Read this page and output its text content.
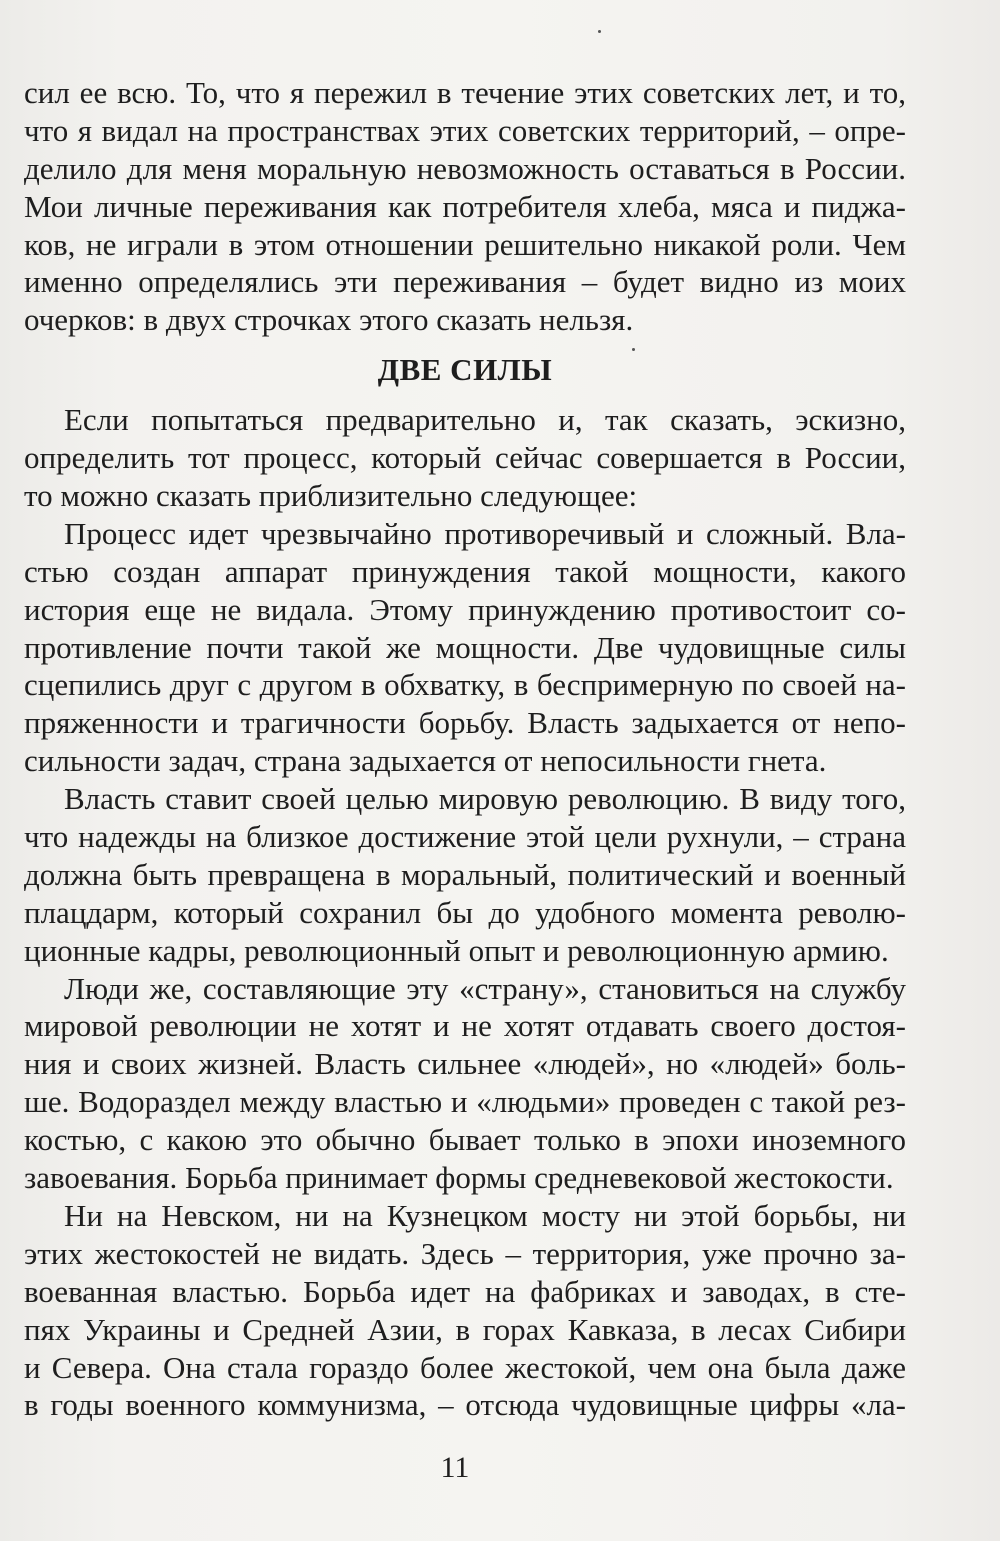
сил ее всю. То, что я пережил в течение этих советских лет, и то,
что я видал на пространствах этих советских территорий, – опре-
делило для меня моральную невозможность оставаться в России.
Мои личные переживания как потребителя хлеба, мяса и пиджа-
ков, не играли в этом отношении решительно никакой роли. Чем
именно определялись эти переживания – будет видно из моих
очерков: в двух строчках этого сказать нельзя.
ДВЕ СИЛЫ
Если попытаться предварительно и, так сказать, эскизно,
определить тот процесс, который сейчас совершается в России,
то можно сказать приблизительно следующее:
Процесс идет чрезвычайно противоречивый и сложный. Вла-
стью создан аппарат принуждения такой мощности, какого
история еще не видала. Этому принуждению противостоит со-
противление почти такой же мощности. Две чудовищные силы
сцепились друг с другом в обхватку, в беспримерную по своей на-
пряженности и трагичности борьбу. Власть задыхается от непо-
сильности задач, страна задыхается от непосильности гнета.
Власть ставит своей целью мировую революцию. В виду того,
что надежды на близкое достижение этой цели рухнули, – страна
должна быть превращена в моральный, политический и военный
плацдарм, который сохранил бы до удобного момента револю-
ционные кадры, революционный опыт и революционную армию.
Люди же, составляющие эту «страну», становиться на службу
мировой революции не хотят и не хотят отдавать своего достоя-
ния и своих жизней. Власть сильнее «людей», но «людей» боль-
ше. Водораздел между властью и «людьми» проведен с такой рез-
костью, с какою это обычно бывает только в эпохи иноземного
завоевания. Борьба принимает формы средневековой жестокости.
Ни на Невском, ни на Кузнецком мосту ни этой борьбы, ни
этих жестокостей не видать. Здесь – территория, уже прочно за-
воеванная властью. Борьба идет на фабриках и заводах, в сте-
пях Украины и Средней Азии, в горах Кавказа, в лесах Сибири
и Севера. Она стала гораздо более жестокой, чем она была даже
в годы военного коммунизма, – отсюда чудовищные цифры «ла-
11
